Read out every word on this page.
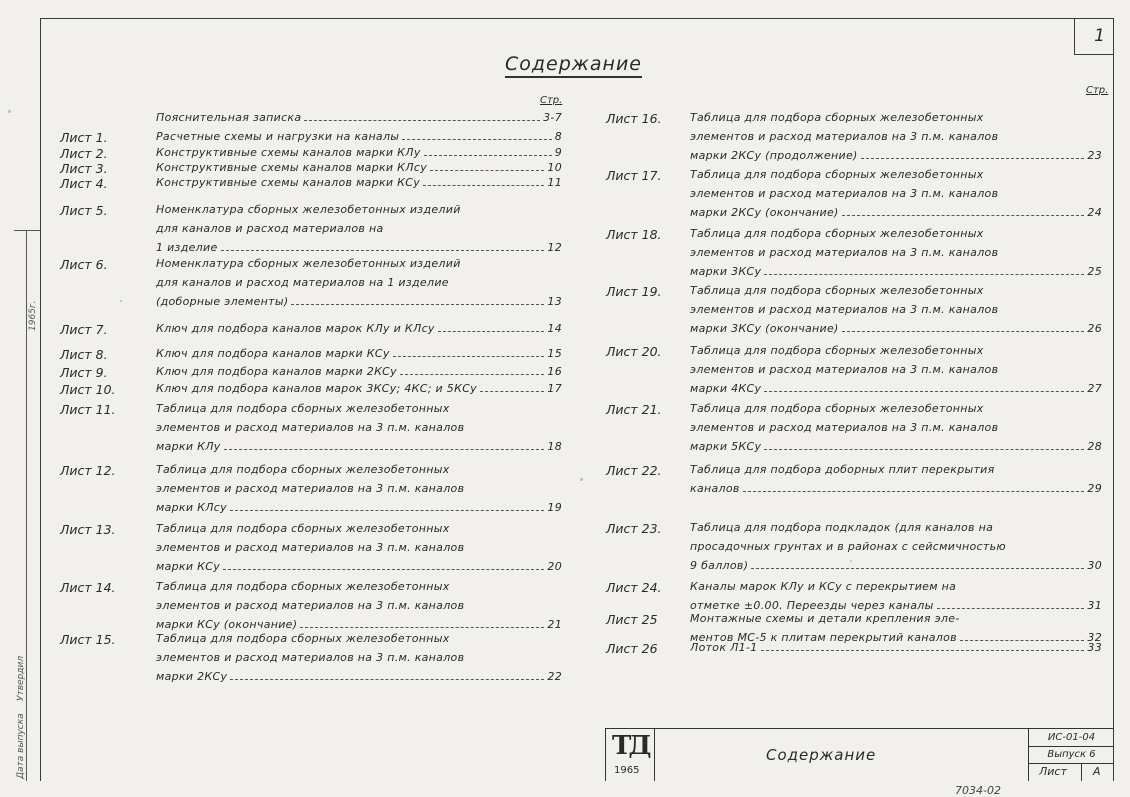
Дата выпуска
Утвердил
1965г.
1
Содержание
Стр.
Стр.
Пояснительная записка	3-7
Лист 1.	Расчетные схемы и нагрузки на каналы	8
Лист 2.	Конструктивные схемы каналов марки КЛу	9
Лист 3.	Конструктивные схемы каналов марки КЛсу	10
Лист 4.	Конструктивные схемы каналов марки КСу	11
Лист 5.	Номенклатура сборных железобетонных изделий
для каналов и расход материалов на
1 изделие	12
Лист 6.	Номенклатура сборных железобетонных изделий
для каналов и расход материалов на 1 изделие
(доборные элементы)	13
Лист 7.	Ключ для подбора каналов марок КЛу и КЛсу	14
Лист 8.	Ключ для подбора каналов марки КСу	15
Лист 9.	Ключ для подбора каналов марки 2КСу	16
Лист 10.	Ключ для подбора каналов марок 3КСу; 4КС; и 5КСу	17
Лист 11.	Таблица для подбора сборных железобетонных
элементов и расход материалов на 3 п.м. каналов
марки КЛу	18
Лист 12.	Таблица для подбора сборных железобетонных
элементов и расход материалов на 3 п.м. каналов
марки КЛсу	19
Лист 13.	Таблица для подбора сборных железобетонных
элементов и расход материалов на 3 п.м. каналов
марки КСу	20
Лист 14.	Таблица для подбора сборных железобетонных
элементов и расход материалов на 3 п.м. каналов
марки КСу (окончание)	21
Лист 15.	Таблица для подбора сборных железобетонных
элементов и расход материалов на 3 п.м. каналов
марки 2КСу	22
Лист 16.	Таблица для подбора сборных железобетонных
элементов и расход материалов на 3 п.м. каналов
марки 2КСу (продолжение)	23
Лист 17.	Таблица для подбора сборных железобетонных
элементов и расход материалов на 3 п.м. каналов
марки 2КСу (окончание)	24
Лист 18.	Таблица для подбора сборных железобетонных
элементов и расход материалов на 3 п.м. каналов
марки 3КСу	25
Лист 19.	Таблица для подбора сборных железобетонных
элементов и расход материалов на 3 п.м. каналов
марки 3КСу (окончание)	26
Лист 20.	Таблица для подбора сборных железобетонных
элементов и расход материалов на 3 п.м. каналов
марки 4КСу	27
Лист 21.	Таблица для подбора сборных железобетонных
элементов и расход материалов на 3 п.м. каналов
марки 5КСу	28
Лист 22.	Таблица для подбора доборных плит перекрытия
каналов	29
Лист 23.	Таблица для подбора подкладок (для каналов на
просадочных грунтах и в районах с сейсмичностью
9 баллов)	30
Лист 24.	Каналы марок КЛу и КСу с перекрытием на
отметке ±0.00. Переезды через каналы	31
Лист 25	Монтажные схемы и детали крепления эле-
ментов МС-5 к плитам перекрытий каналов	32
Лист 26	Лоток Л1-1	33
ТД
1965
Содержание
ИС-01-04
Выпуск 6
Лист А
7034-02
